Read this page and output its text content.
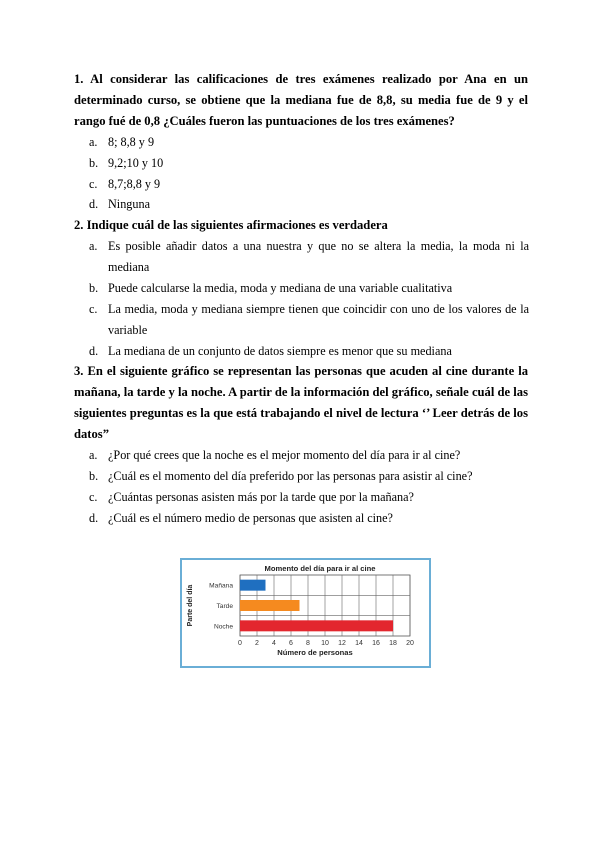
1. Al considerar las calificaciones de tres exámenes realizado por Ana en un determinado curso, se obtiene que la mediana fue de 8,8, su media fue de 9 y el rango fué de 0,8 ¿Cuáles fueron las puntuaciones de los tres exámenes?
a. 8; 8,8 y 9
b. 9,2;10 y 10
c. 8,7;8,8 y 9
d. Ninguna
2. Indique cuál de las siguientes afirmaciones es verdadera
a. Es posible añadir datos a una nuestra y que no se altera la media, la moda ni la mediana
b. Puede calcularse la media, moda y mediana de una variable cualitativa
c. La media, moda y mediana siempre tienen que coincidir con uno de los valores de la variable
d. La mediana de un conjunto de datos siempre es menor que su mediana
3. En el siguiente gráfico se representan las personas que acuden al cine durante la mañana, la tarde y la noche. A partir de la información del gráfico, señale cuál de las siguientes preguntas es la que está trabajando el nivel de lectura ‘’ Leer detrás de los datos”
a. ¿Por qué crees que la noche es el mejor momento del día para ir al cine?
b. ¿Cuál es el momento del día preferido por las personas para asistir al cine?
c. ¿Cuántas personas asisten más por la tarde que por la mañana?
d. ¿Cuál es el número medio de personas que asisten al cine?
Momento del día para ir al cine
0 2 4 6 8 10 12 14 16 18 20
Mañana
Tarde
Noche
Número de personas
Parte del día
